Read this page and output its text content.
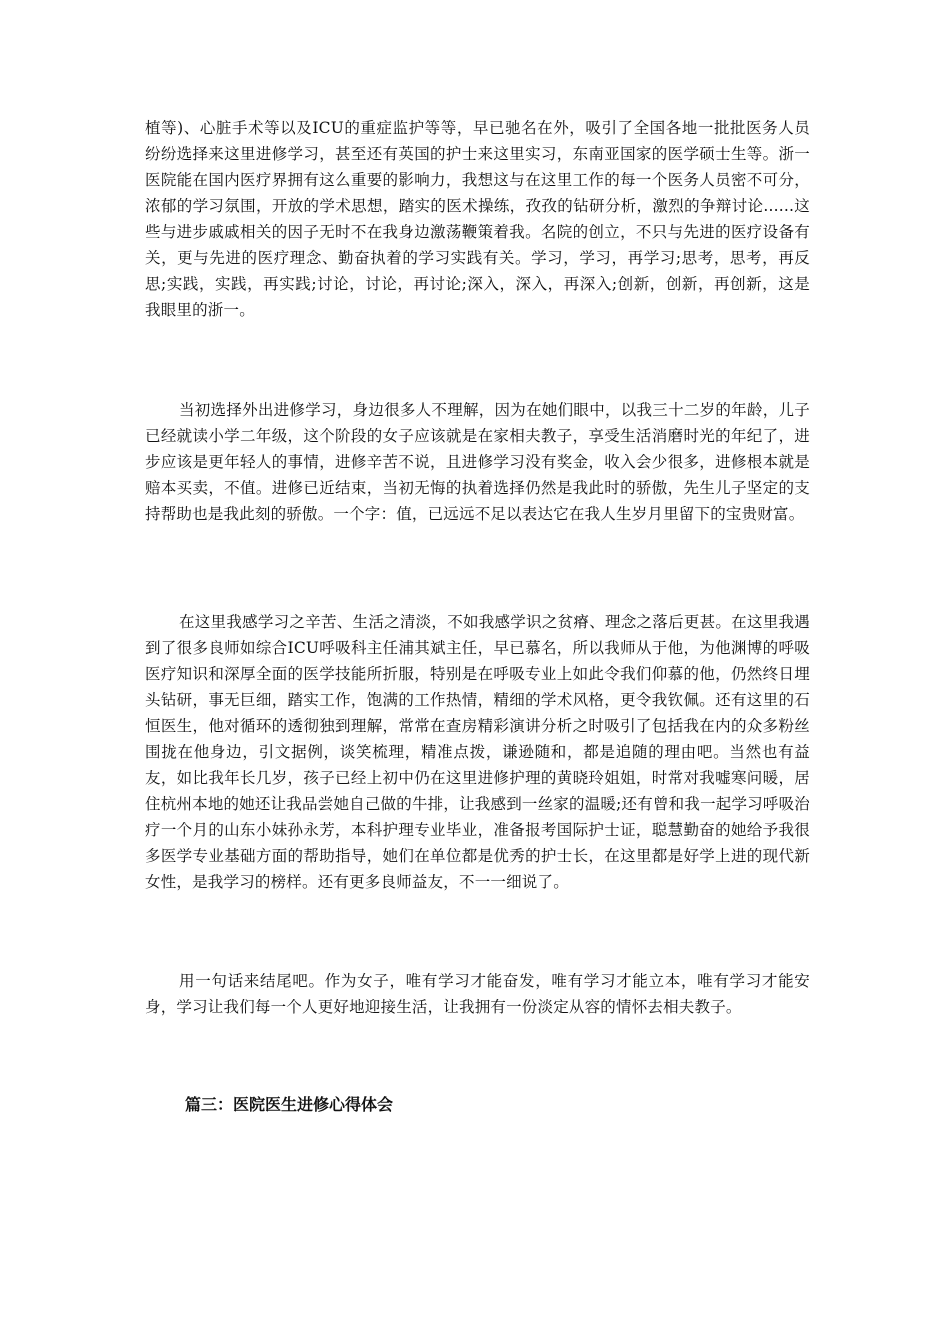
植等)、心脏手术等以及ICU的重症监护等等，早已驰名在外，吸引了全国各地一批批医务人员纷纷选择来这里进修学习，甚至还有英国的护士来这里实习，东南亚国家的医学硕士生等。浙一医院能在国内医疗界拥有这么重要的影响力，我想这与在这里工作的每一个医务人员密不可分，浓郁的学习氛围，开放的学术思想，踏实的医术操练，孜孜的钻研分析，激烈的争辩讨论......这些与进步戚戚相关的因子无时不在我身边激荡鞭策着我。名院的创立，不只与先进的医疗设备有关，更与先进的医疗理念、勤奋执着的学习实践有关。学习，学习，再学习;思考，思考，再反思;实践，实践，再实践;讨论，讨论，再讨论;深入，深入，再深入;创新，创新，再创新，这是我眼里的浙一。

当初选择外出进修学习，身边很多人不理解，因为在她们眼中，以我三十二岁的年龄，儿子已经就读小学二年级，这个阶段的女子应该就是在家相夫教子，享受生活消磨时光的年纪了，进步应该是更年轻人的事情，进修辛苦不说，且进修学习没有奖金，收入会少很多，进修根本就是赔本买卖，不值。进修已近结束，当初无悔的执着选择仍然是我此时的骄傲，先生儿子坚定的支持帮助也是我此刻的骄傲。一个字：值，已远远不足以表达它在我人生岁月里留下的宝贵财富。

在这里我感学习之辛苦、生活之清淡，不如我感学识之贫瘠、理念之落后更甚。在这里我遇到了很多良师如综合ICU呼吸科主任浦其斌主任，早已慕名，所以我师从于他，为他渊博的呼吸医疗知识和深厚全面的医学技能所折服，特别是在呼吸专业上如此令我们仰慕的他，仍然终日埋头钻研，事无巨细，踏实工作，饱满的工作热情，精细的学术风格，更令我钦佩。还有这里的石恒医生，他对循环的透彻独到理解，常常在查房精彩演讲分析之时吸引了包括我在内的众多粉丝围拢在他身边，引文据例，谈笑梳理，精准点拨，谦逊随和，都是追随的理由吧。当然也有益友，如比我年长几岁，孩子已经上初中仍在这里进修护理的黄晓玲姐姐，时常对我嘘寒问暖，居住杭州本地的她还让我品尝她自己做的牛排，让我感到一丝家的温暖;还有曾和我一起学习呼吸治疗一个月的山东小妹孙永芳，本科护理专业毕业，准备报考国际护士证，聪慧勤奋的她给予我很多医学专业基础方面的帮助指导，她们在单位都是优秀的护士长，在这里都是好学上进的现代新女性，是我学习的榜样。还有更多良师益友，不一一细说了。

用一句话来结尾吧。作为女子，唯有学习才能奋发，唯有学习才能立本，唯有学习才能安身，学习让我们每一个人更好地迎接生活，让我拥有一份淡定从容的情怀去相夫教子。

篇三：医院医生进修心得体会
